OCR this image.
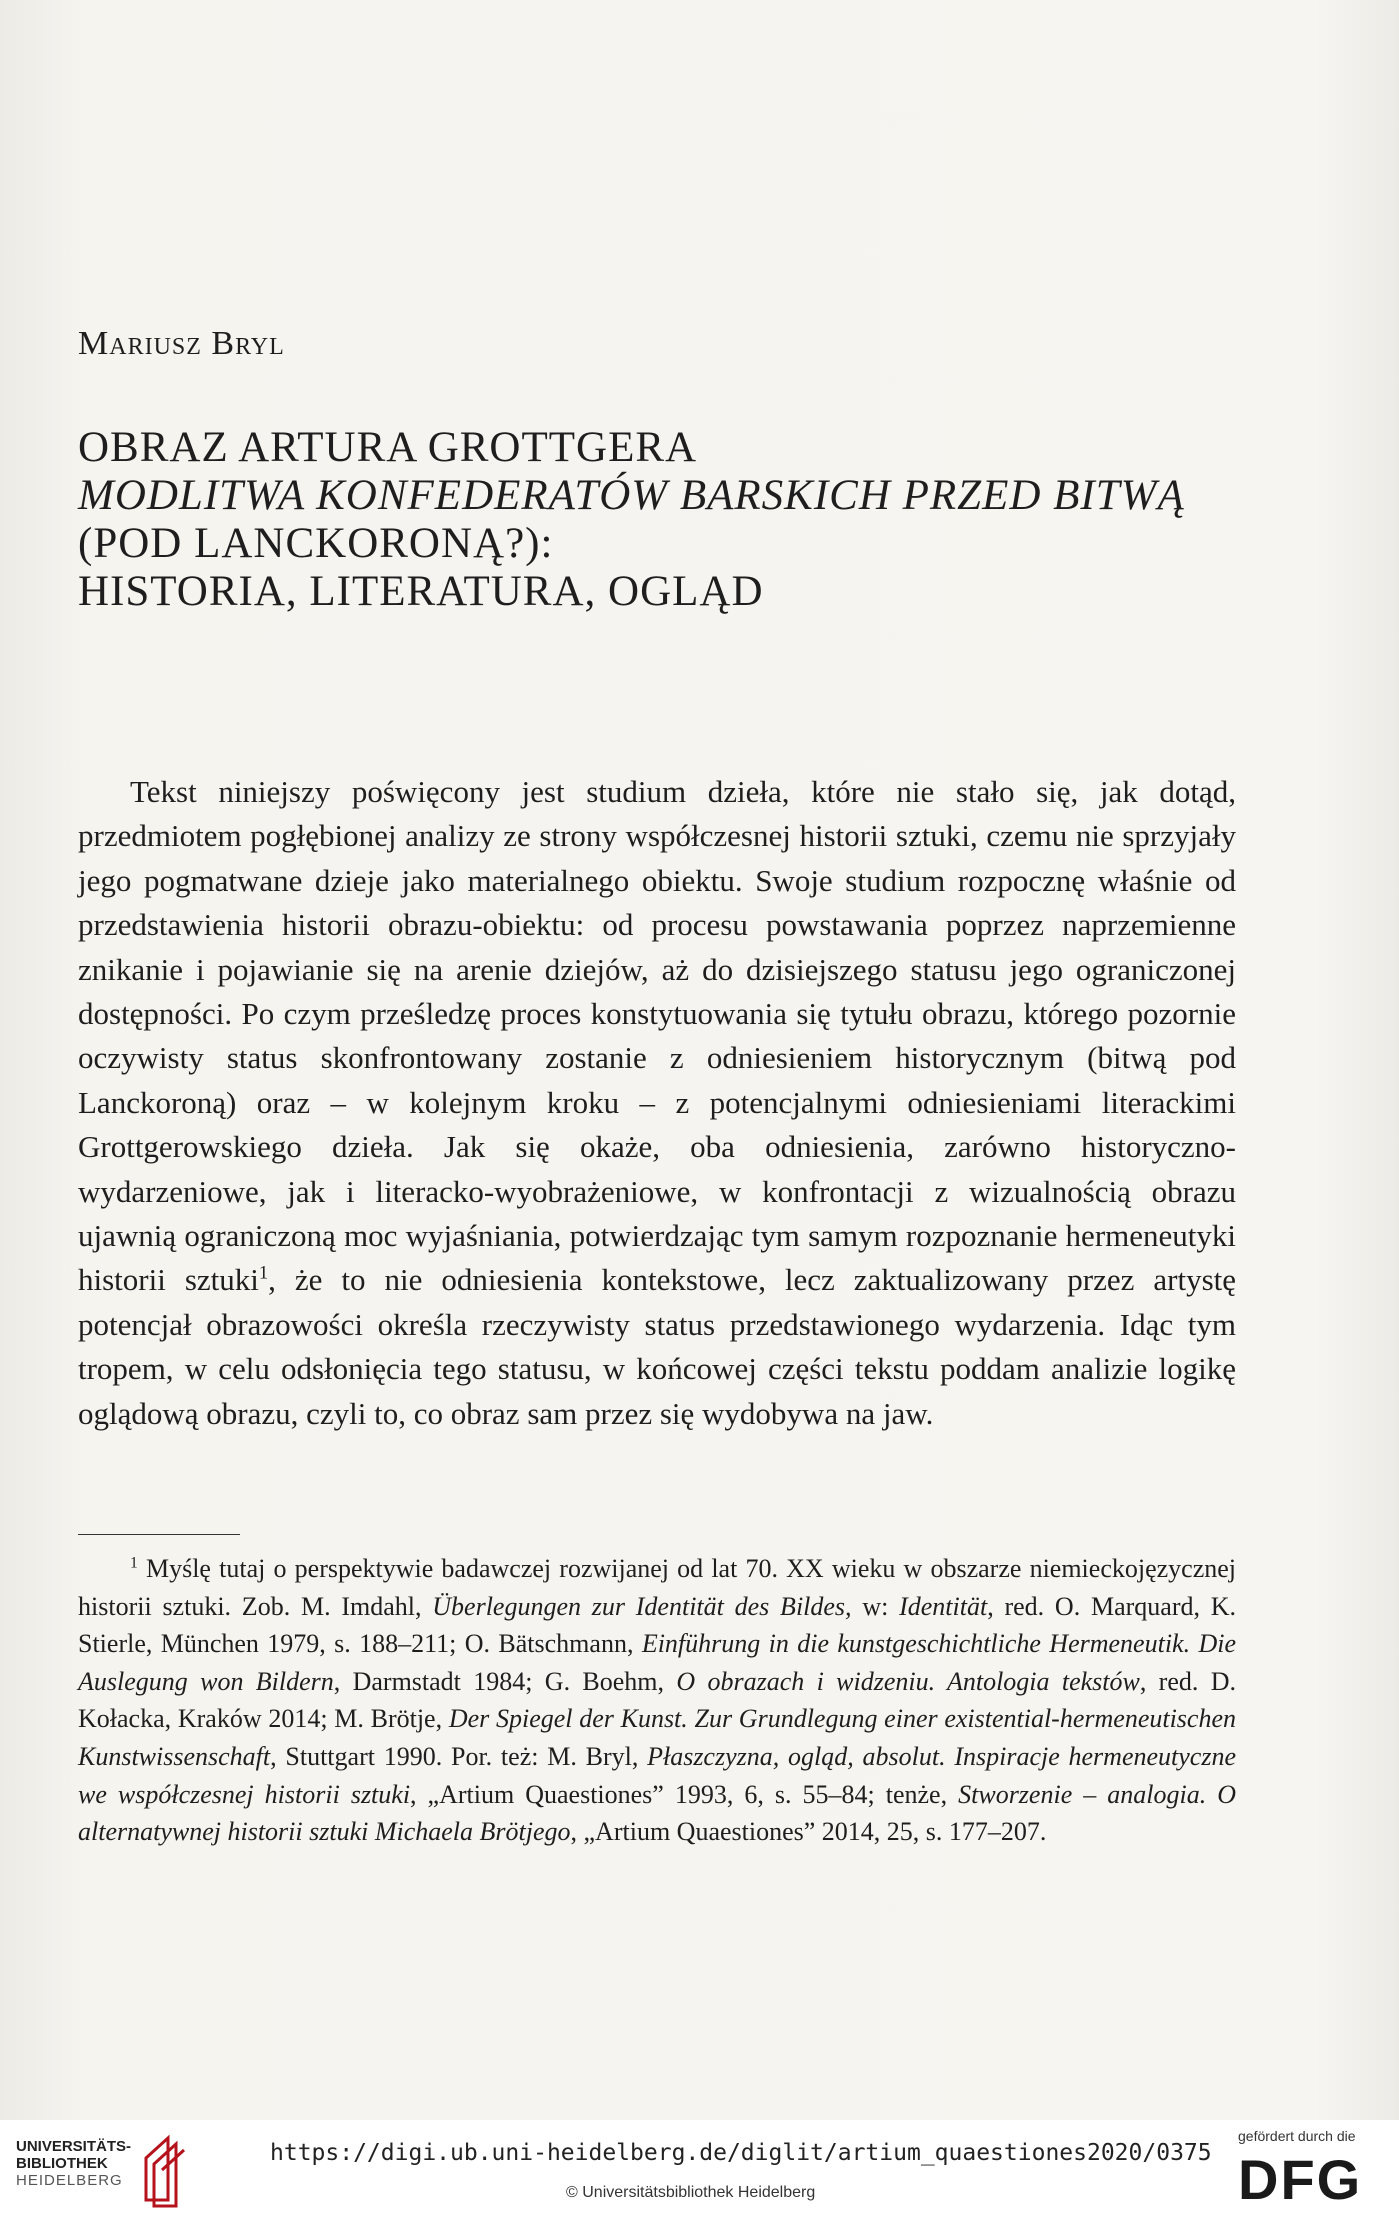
Mariusz Bryl
OBRAZ ARTURA GROTTGERA
MODLITWA KONFEDERATÓW BARSKICH PRZED BITWĄ
(POD LANCKORONĄ?):
HISTORIA, LITERATURA, OGLĄD

Tekst niniejszy poświęcony jest studium dzieła, które nie stało się, jak dotąd, przedmiotem pogłębionej analizy ze strony współczesnej historii sztuki, czemu nie sprzyjały jego pogmatwane dzieje jako materialnego obiektu. Swoje studium rozpocznę właśnie od przedstawienia historii obrazu-obiektu: od procesu powstawania poprzez naprzemienne znikanie i pojawianie się na arenie dziejów, aż do dzisiejszego statusu jego ograniczonej dostępności. Po czym prześledzę proces konstytuowania się tytułu obrazu, którego pozornie oczywisty status skonfrontowany zostanie z odniesieniem historycznym (bitwą pod Lanckoroną) oraz – w kolejnym kroku – z potencjalnymi odniesieniami literackimi Grottgerowskiego dzieła. Jak się okaże, oba odniesienia, zarówno historyczno-wydarzeniowe, jak i literacko-wyobrażeniowe, w konfrontacji z wizualnością obrazu ujawnią ograniczoną moc wyjaśniania, potwierdzając tym samym rozpoznanie hermeneutyki historii sztuki$^1$, że to nie odniesienia kontekstowe, lecz zaktualizowany przez artystę potencjał obrazowości określa rzeczywisty status przedstawionego wydarzenia. Idąc tym tropem, w celu odsłonięcia tego statusu, w końcowej części tekstu poddam analizie logikę oglądową obrazu, czyli to, co obraz sam przez się wydobywa na jaw.

$^1$ Myślę tutaj o perspektywie badawczej rozwijanej od lat 70. XX wieku w obszarze niemieckojęzycznej historii sztuki. Zob. M. Imdahl, Überlegungen zur Identität des Bildes, w: Identität, red. O. Marquard, K. Stierle, München 1979, s. 188–211; O. Bätschmann, Einführung in die kunstgeschichtliche Hermeneutik. Die Auslegung won Bildern, Darmstadt 1984; G. Boehm, O obrazach i widzeniu. Antologia tekstów, red. D. Kołacka, Kraków 2014; M. Brötje, Der Spiegel der Kunst. Zur Grundlegung einer existential-hermeneutischen Kunstwissenschaft, Stuttgart 1990. Por. też: M. Bryl, Płaszczyzna, ogląd, absolut. Inspiracje hermeneutyczne we współczesnej historii sztuki, „Artium Quaestiones” 1993, 6, s. 55–84; tenże, Stworzenie – analogia. O alternatywnej historii sztuki Michaela Brötjego, „Artium Quaestiones” 2014, 25, s. 177–207.

UNIVERSITÄTS-
BIBLIOTHEK
HEIDELBERG
https://digi.ub.uni-heidelberg.de/diglit/artium_quaestiones2020/0375
© Universitätsbibliothek Heidelberg
gefördert durch die
DFG
